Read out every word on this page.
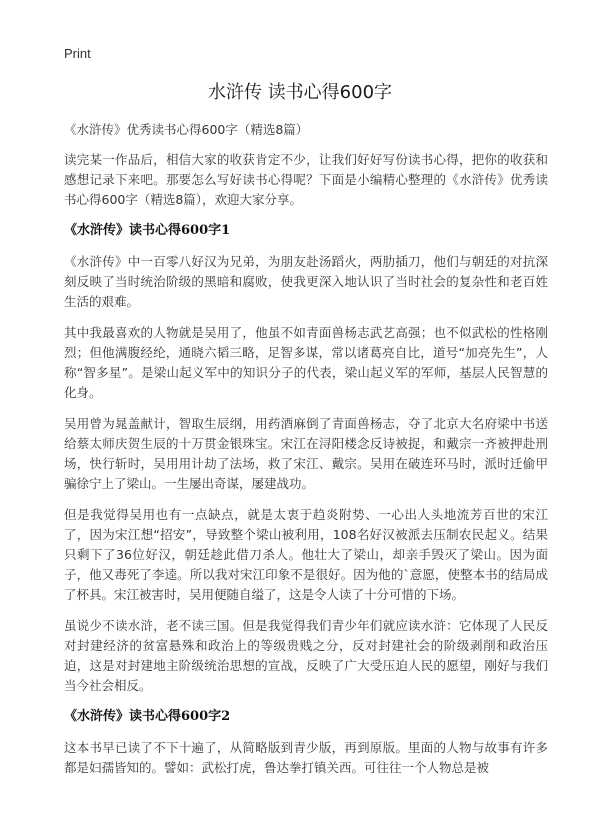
Print
水浒传 读书心得600字

《水浒传》优秀读书心得600字（精选8篇）

读完某一作品后，相信大家的收获肯定不少，让我们好好写份读书心得，把你的收获和感想记录下来吧。那要怎么写好读书心得呢？下面是小编精心整理的《水浒传》优秀读书心得600字（精选8篇），欢迎大家分享。

《水浒传》读书心得600字1

《水浒传》中一百零八好汉为兄弟，为朋友赴汤蹈火，两肋插刀，他们与朝廷的对抗深刻反映了当时统治阶级的黑暗和腐败，使我更深入地认识了当时社会的复杂性和老百姓生活的艰难。

其中我最喜欢的人物就是吴用了，他虽不如青面兽杨志武艺高强；也不似武松的性格刚烈；但他满腹经纶，通晓六韬三略，足智多谋，常以诸葛亮自比，道号“加亮先生”，人称“智多星”。是梁山起义军中的知识分子的代表，梁山起义军的军师，基层人民智慧的化身。

吴用曾为晁盖献计，智取生辰纲，用药酒麻倒了青面兽杨志，夺了北京大名府梁中书送给蔡太师庆贺生辰的十万贯金银珠宝。宋江在浔阳楼念反诗被捉，和戴宗一齐被押赴刑场，快行斩时，吴用用计劫了法场，救了宋江、戴宗。吴用在破连环马时，派时迁偷甲骗徐宁上了梁山。一生屡出奇谋，屡建战功。

但是我觉得吴用也有一点缺点，就是太衷于趋炎附势、一心出人头地流芳百世的宋江了，因为宋江想“招安”，导致整个梁山被利用，108名好汉被派去压制农民起义。结果只剩下了36位好汉，朝廷趁此借刀杀人。他壮大了梁山，却亲手毁灭了梁山。因为面子，他又毒死了李逵。所以我对宋江印象不是很好。因为他的`意愿，使整本书的结局成了杯具。宋江被害时，吴用便随自缢了，这是令人读了十分可惜的下场。

虽说少不读水浒，老不读三国。但是我觉得我们青少年们就应读水浒：它体现了人民反对封建经济的贫富悬殊和政治上的等级贵贱之分，反对封建社会的阶级剥削和政治压迫，这是对封建地主阶级统治思想的宣战，反映了广大受压迫人民的愿望，刚好与我们当今社会相反。

《水浒传》读书心得600字2

这本书早已读了不下十遍了，从简略版到青少版，再到原版。里面的人物与故事有许多都是妇孺皆知的。譬如：武松打虎，鲁达拳打镇关西。可往往一个人物总是被
